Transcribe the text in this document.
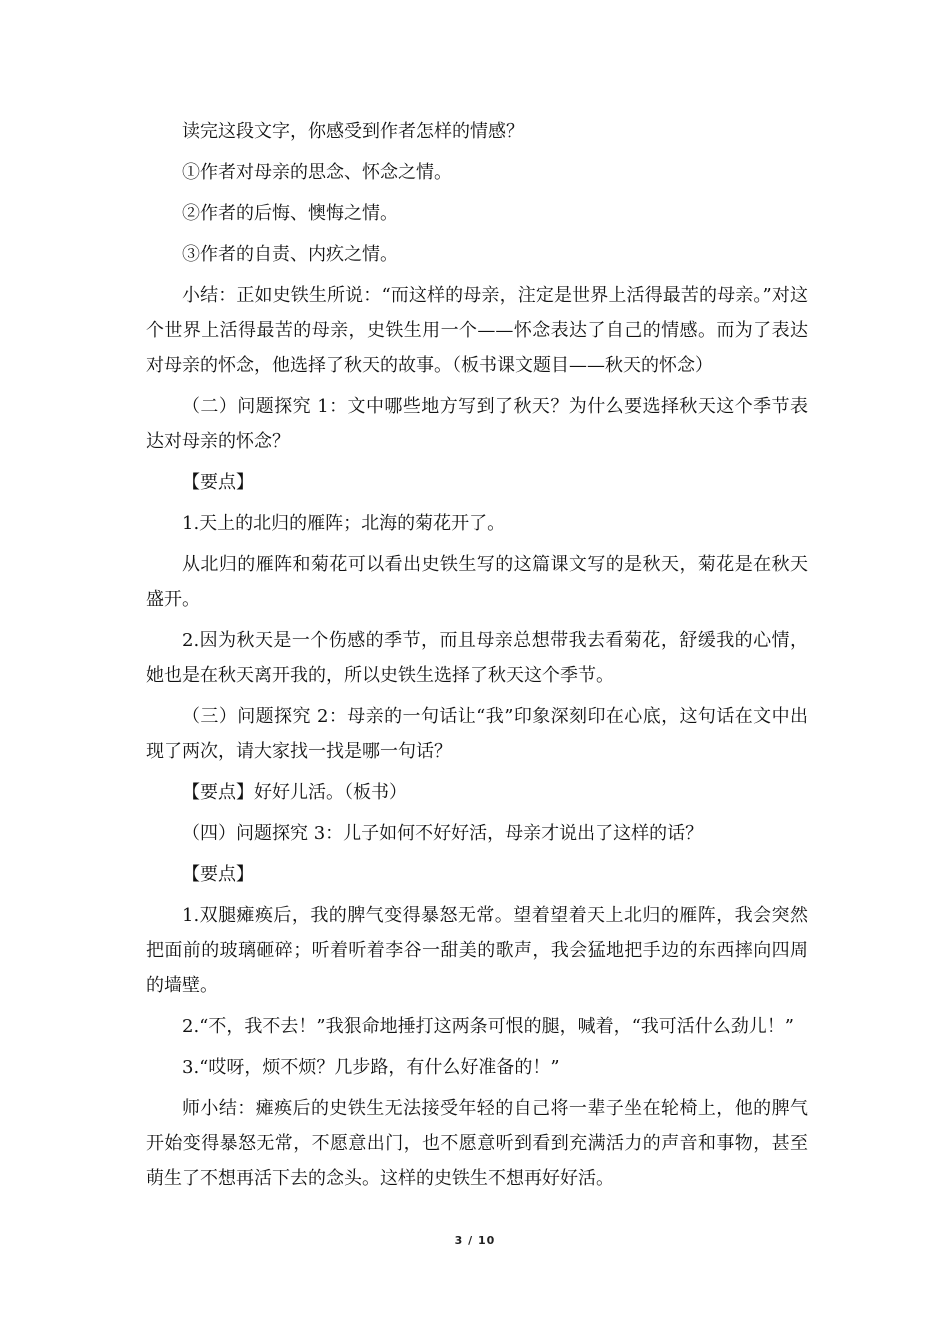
读完这段文字，你感受到作者怎样的情感？

①作者对母亲的思念、怀念之情。

②作者的后悔、懊悔之情。

③作者的自责、内疚之情。

小结：正如史铁生所说：“而这样的母亲，注定是世界上活得最苦的母亲。”对这个世界上活得最苦的母亲，史铁生用一个——怀念表达了自己的情感。而为了表达对母亲的怀念，他选择了秋天的故事。（板书课文题目——秋天的怀念）

（二）问题探究 1：文中哪些地方写到了秋天？为什么要选择秋天这个季节表达对母亲的怀念？

【要点】

1.天上的北归的雁阵；北海的菊花开了。

从北归的雁阵和菊花可以看出史铁生写的这篇课文写的是秋天，菊花是在秋天盛开。

2.因为秋天是一个伤感的季节，而且母亲总想带我去看菊花，舒缓我的心情，她也是在秋天离开我的，所以史铁生选择了秋天这个季节。

（三）问题探究 2：母亲的一句话让“我”印象深刻印在心底，这句话在文中出现了两次，请大家找一找是哪一句话？

【要点】好好儿活。（板书）

（四）问题探究 3：儿子如何不好好活，母亲才说出了这样的话？

【要点】

1.双腿瘫痪后，我的脾气变得暴怒无常。望着望着天上北归的雁阵，我会突然把面前的玻璃砸碎；听着听着李谷一甜美的歌声，我会猛地把手边的东西摔向四周的墙壁。

2.“不，我不去！”我狠命地捶打这两条可恨的腿，喊着，“我可活什么劲儿！”

3.“哎呀，烦不烦？几步路，有什么好准备的！”

师小结：瘫痪后的史铁生无法接受年轻的自己将一辈子坐在轮椅上，他的脾气开始变得暴怒无常，不愿意出门，也不愿意听到看到充满活力的声音和事物，甚至萌生了不想再活下去的念头。这样的史铁生不想再好好活。

3 / 10
